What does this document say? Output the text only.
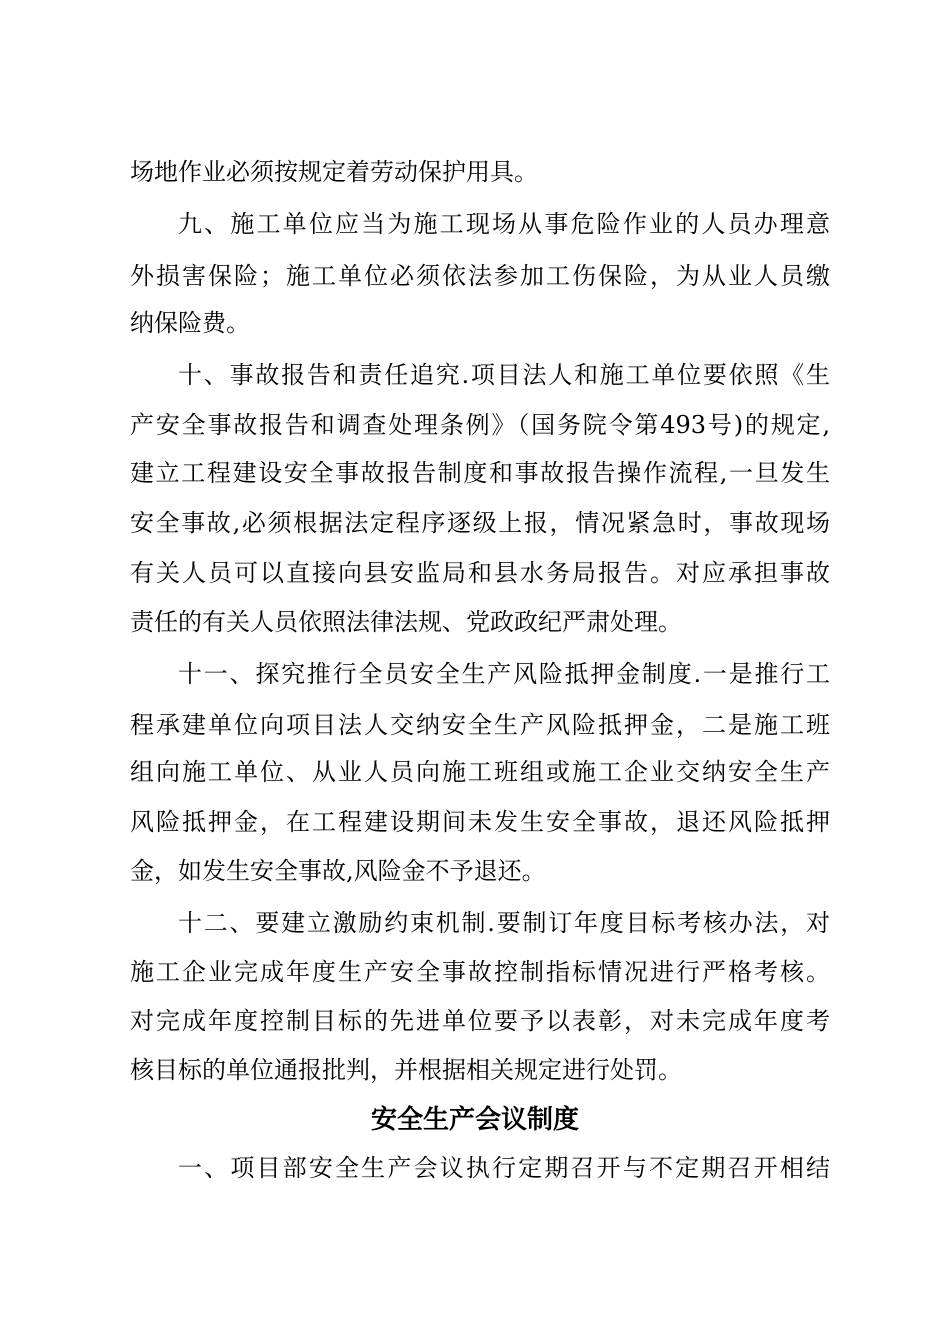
场地作业必须按规定着劳动保护用具。
九、施工单位应当为施工现场从事危险作业的人员办理意
外损害保险；施工单位必须依法参加工伤保险，为从业人员缴
纳保险费。
十、事故报告和责任追究.项目法人和施工单位要依照《生
产安全事故报告和调查处理条例》（国务院令第493号)的规定,
建立工程建设安全事故报告制度和事故报告操作流程,一旦发生
安全事故,必须根据法定程序逐级上报，情况紧急时，事故现场
有关人员可以直接向县安监局和县水务局报告。对应承担事故
责任的有关人员依照法律法规、党政政纪严肃处理。
十一、探究推行全员安全生产风险抵押金制度.一是推行工
程承建单位向项目法人交纳安全生产风险抵押金，二是施工班
组向施工单位、从业人员向施工班组或施工企业交纳安全生产
风险抵押金，在工程建设期间未发生安全事故，退还风险抵押
金，如发生安全事故,风险金不予退还。
十二、要建立激励约束机制.要制订年度目标考核办法，对
施工企业完成年度生产安全事故控制指标情况进行严格考核。
对完成年度控制目标的先进单位要予以表彰，对未完成年度考
核目标的单位通报批判，并根据相关规定进行处罚。
安全生产会议制度
一、项目部安全生产会议执行定期召开与不定期召开相结
